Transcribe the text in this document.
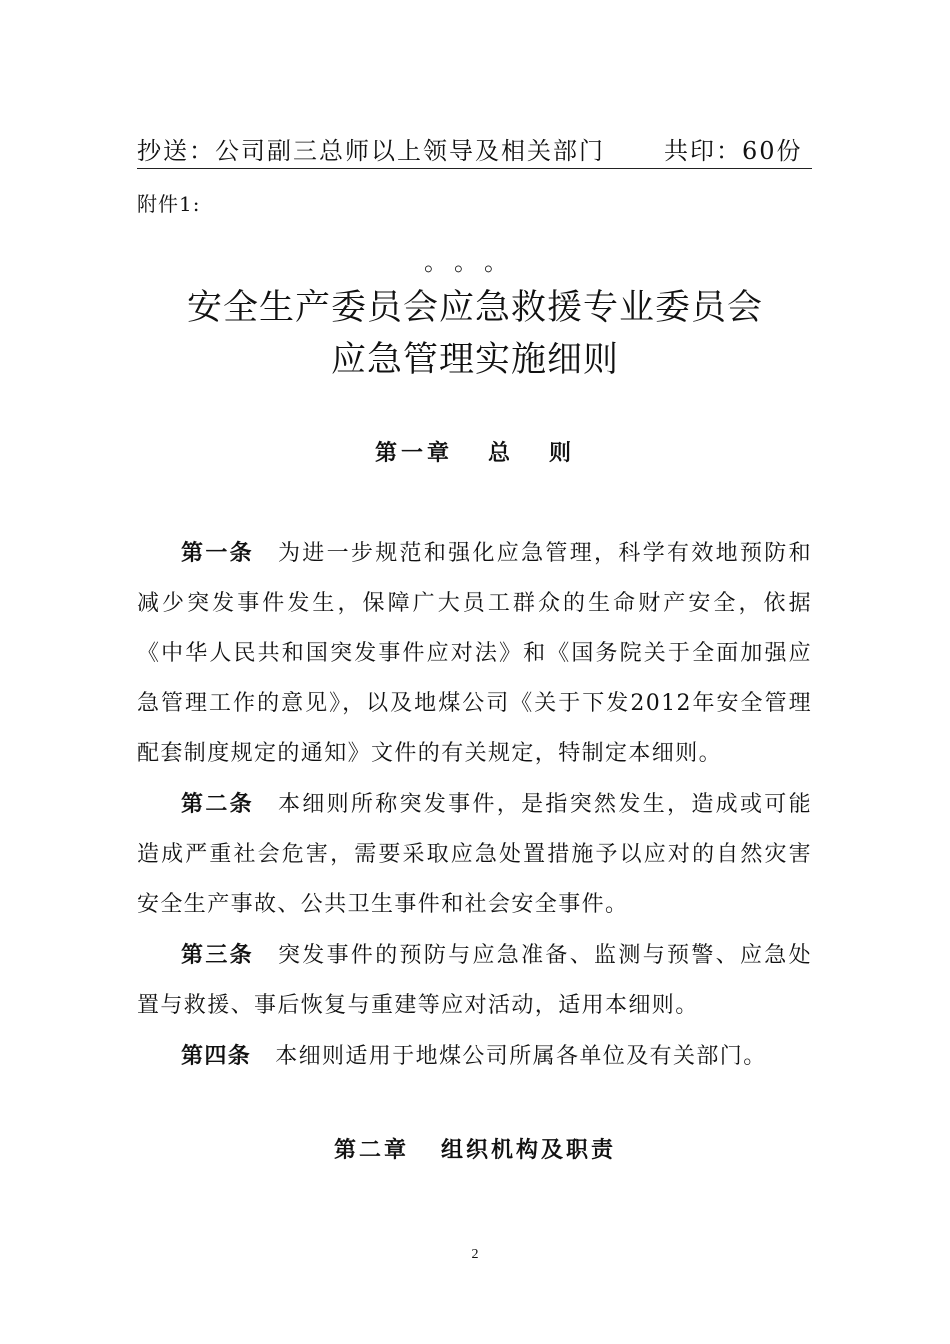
抄送：公司副三总师以上领导及相关部门 共印：60份
附件1:
。。。
安全生产委员会应急救援专业委员会
应急管理实施细则
第一章   总   则

第一条 为进一步规范和强化应急管理，科学有效地预防和减少突发事件发生，保障广大员工群众的生命财产安全，依据《中华人民共和国突发事件应对法》和《国务院关于全面加强应急管理工作的意见》，以及地煤公司《关于下发2012年安全管理配套制度规定的通知》文件的有关规定，特制定本细则。

第二条 本细则所称突发事件，是指突然发生，造成或可能造成严重社会危害，需要采取应急处置措施予以应对的自然灾害安全生产事故、公共卫生事件和社会安全事件。

第三条 突发事件的预防与应急准备、监测与预警、应急处置与救援、事后恢复与重建等应对活动，适用本细则。

第四条 本细则适用于地煤公司所属各单位及有关部门。

第二章   组织机构及职责
2
